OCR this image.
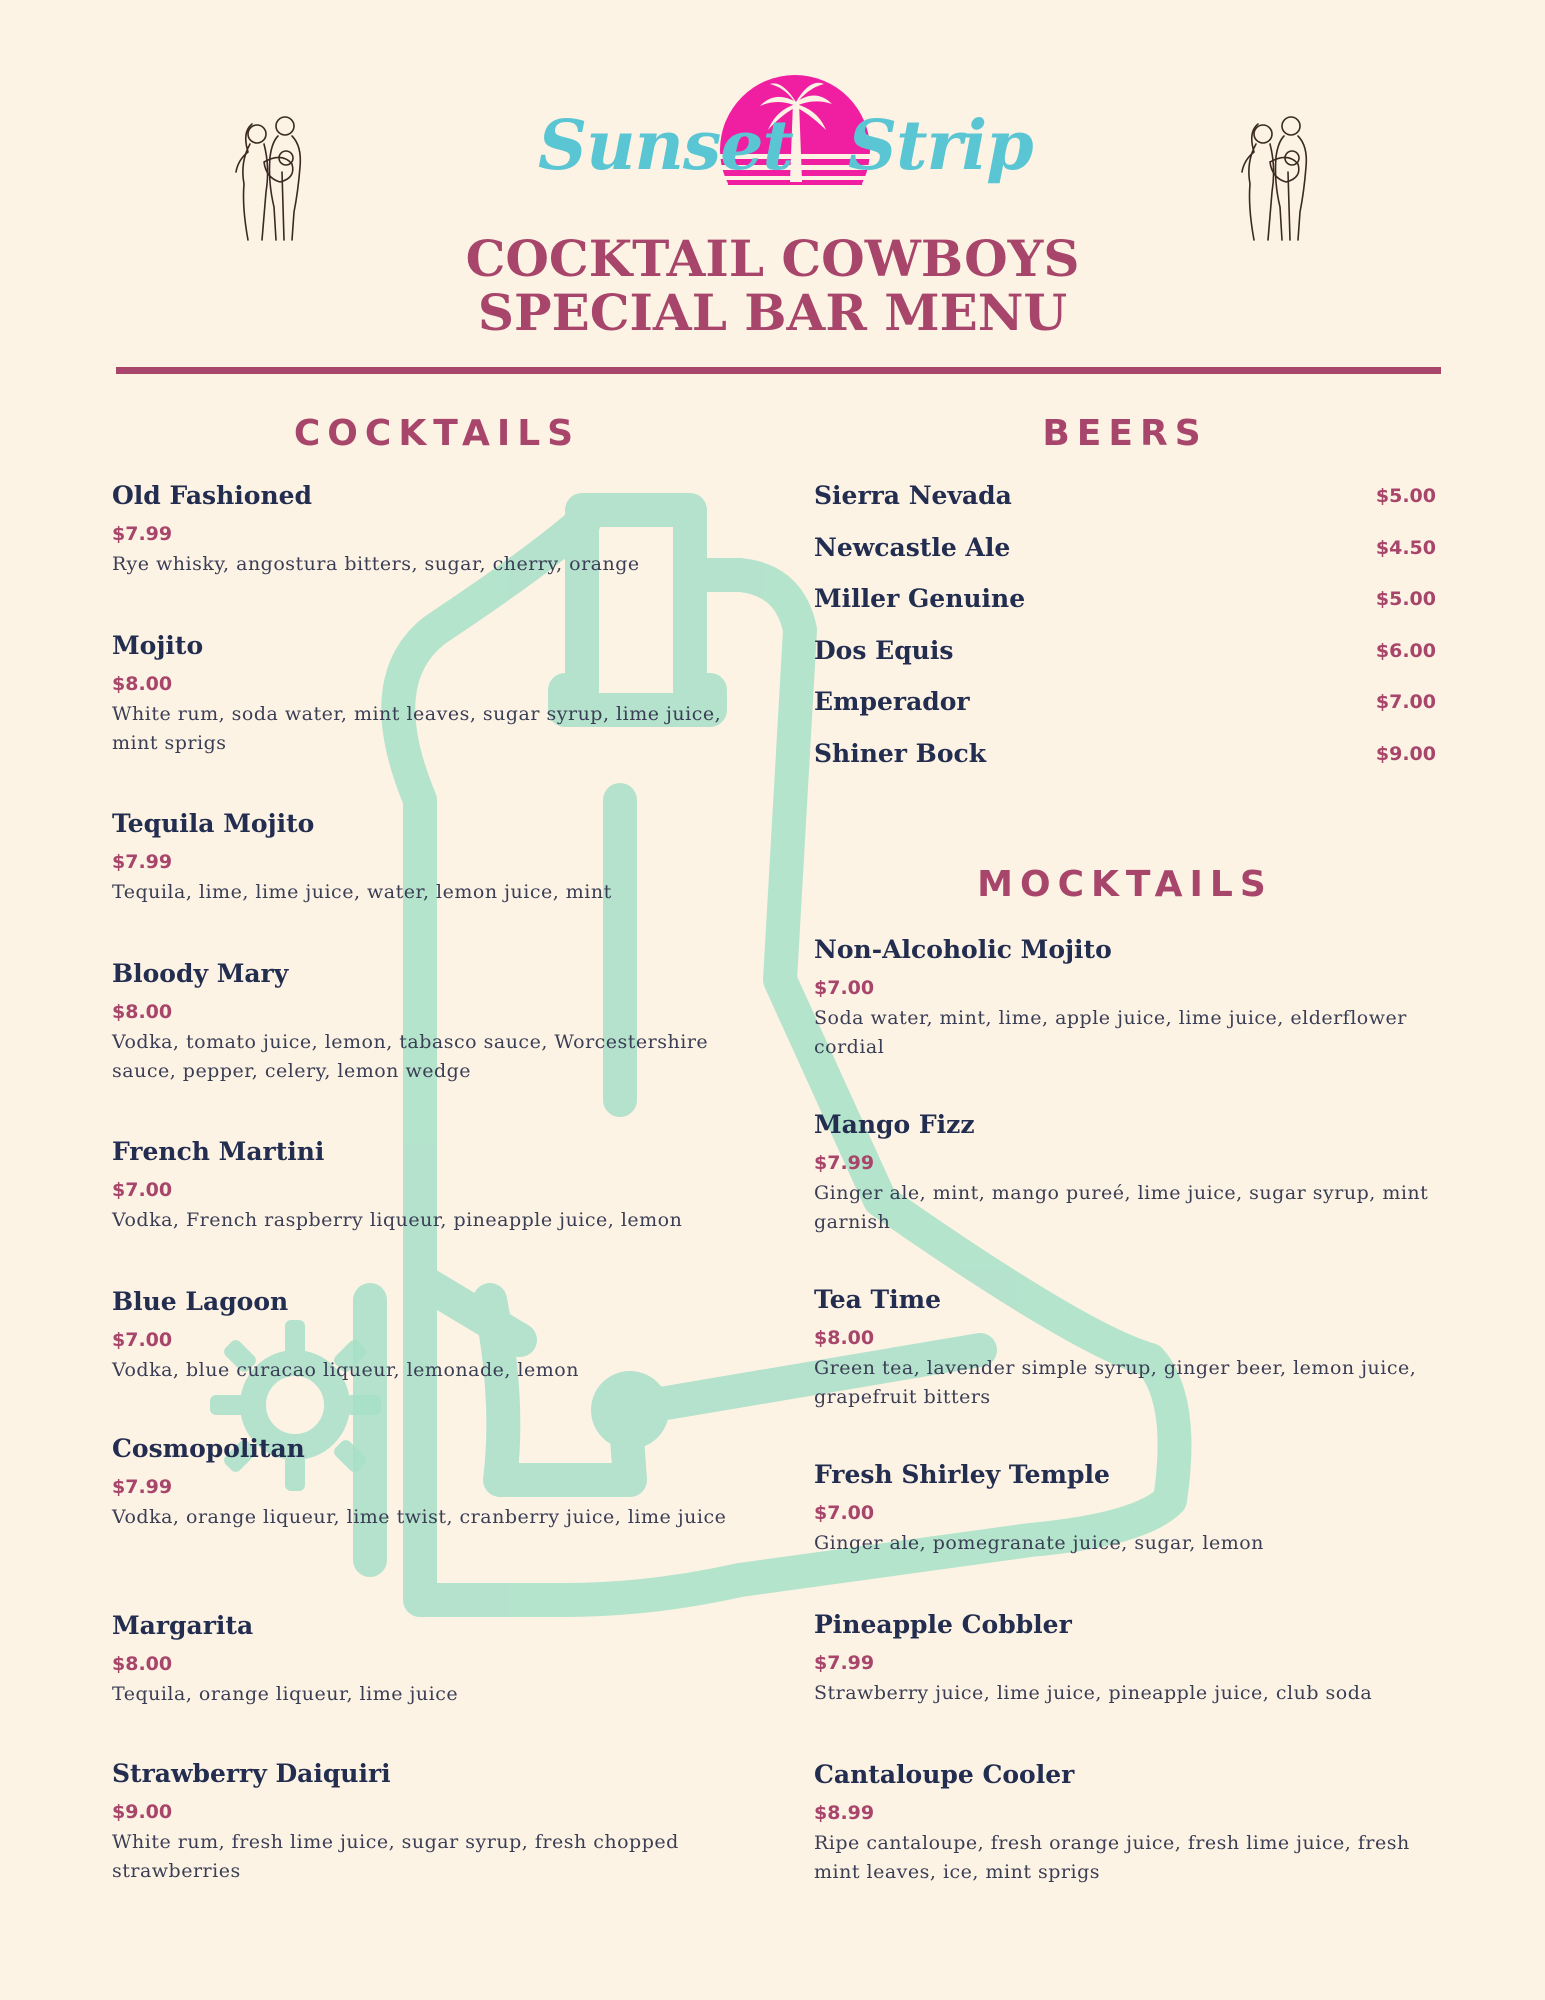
Sunset Strip
COCKTAIL COWBOYS
SPECIAL BAR MENU
COCKTAILS	BEERS
MOCKTAILS
Old Fashioned
$7.99
Rye whisky, angostura bitters, sugar, cherry, orange
Mojito
$8.00
White rum, soda water, mint leaves, sugar syrup, lime juice, mint sprigs
Tequila Mojito
$7.99
Tequila, lime, lime juice, water, lemon juice, mint
Bloody Mary
$8.00
Vodka, tomato juice, lemon, tabasco sauce, Worcestershire sauce, pepper, celery, lemon wedge
French Martini
$7.00
Vodka, French raspberry liqueur, pineapple juice, lemon
Blue Lagoon
$7.00
Vodka, blue curacao liqueur, lemonade, lemon
Cosmopolitan
$7.99
Vodka, orange liqueur, lime twist, cranberry juice, lime juice
Margarita
$8.00
Tequila, orange liqueur, lime juice
Strawberry Daiquiri
$9.00
White rum, fresh lime juice, sugar syrup, fresh chopped strawberries
Sierra Nevada	$5.00
Newcastle Ale	$4.50
Miller Genuine	$5.00
Dos Equis	$6.00
Emperador	$7.00
Shiner Bock	$9.00
Non-Alcoholic Mojito
$7.00
Soda water, mint, lime, apple juice, lime juice, elderflower cordial
Mango Fizz
$7.99
Ginger ale, mint, mango pureé, lime juice, sugar syrup, mint garnish
Tea Time
$8.00
Green tea, lavender simple syrup, ginger beer, lemon juice, grapefruit bitters
Fresh Shirley Temple
$7.00
Ginger ale, pomegranate juice, sugar, lemon
Pineapple Cobbler
$7.99
Strawberry juice, lime juice, pineapple juice, club soda
Cantaloupe Cooler
$8.99
Ripe cantaloupe, fresh orange juice, fresh lime juice, fresh mint leaves, ice, mint sprigs
